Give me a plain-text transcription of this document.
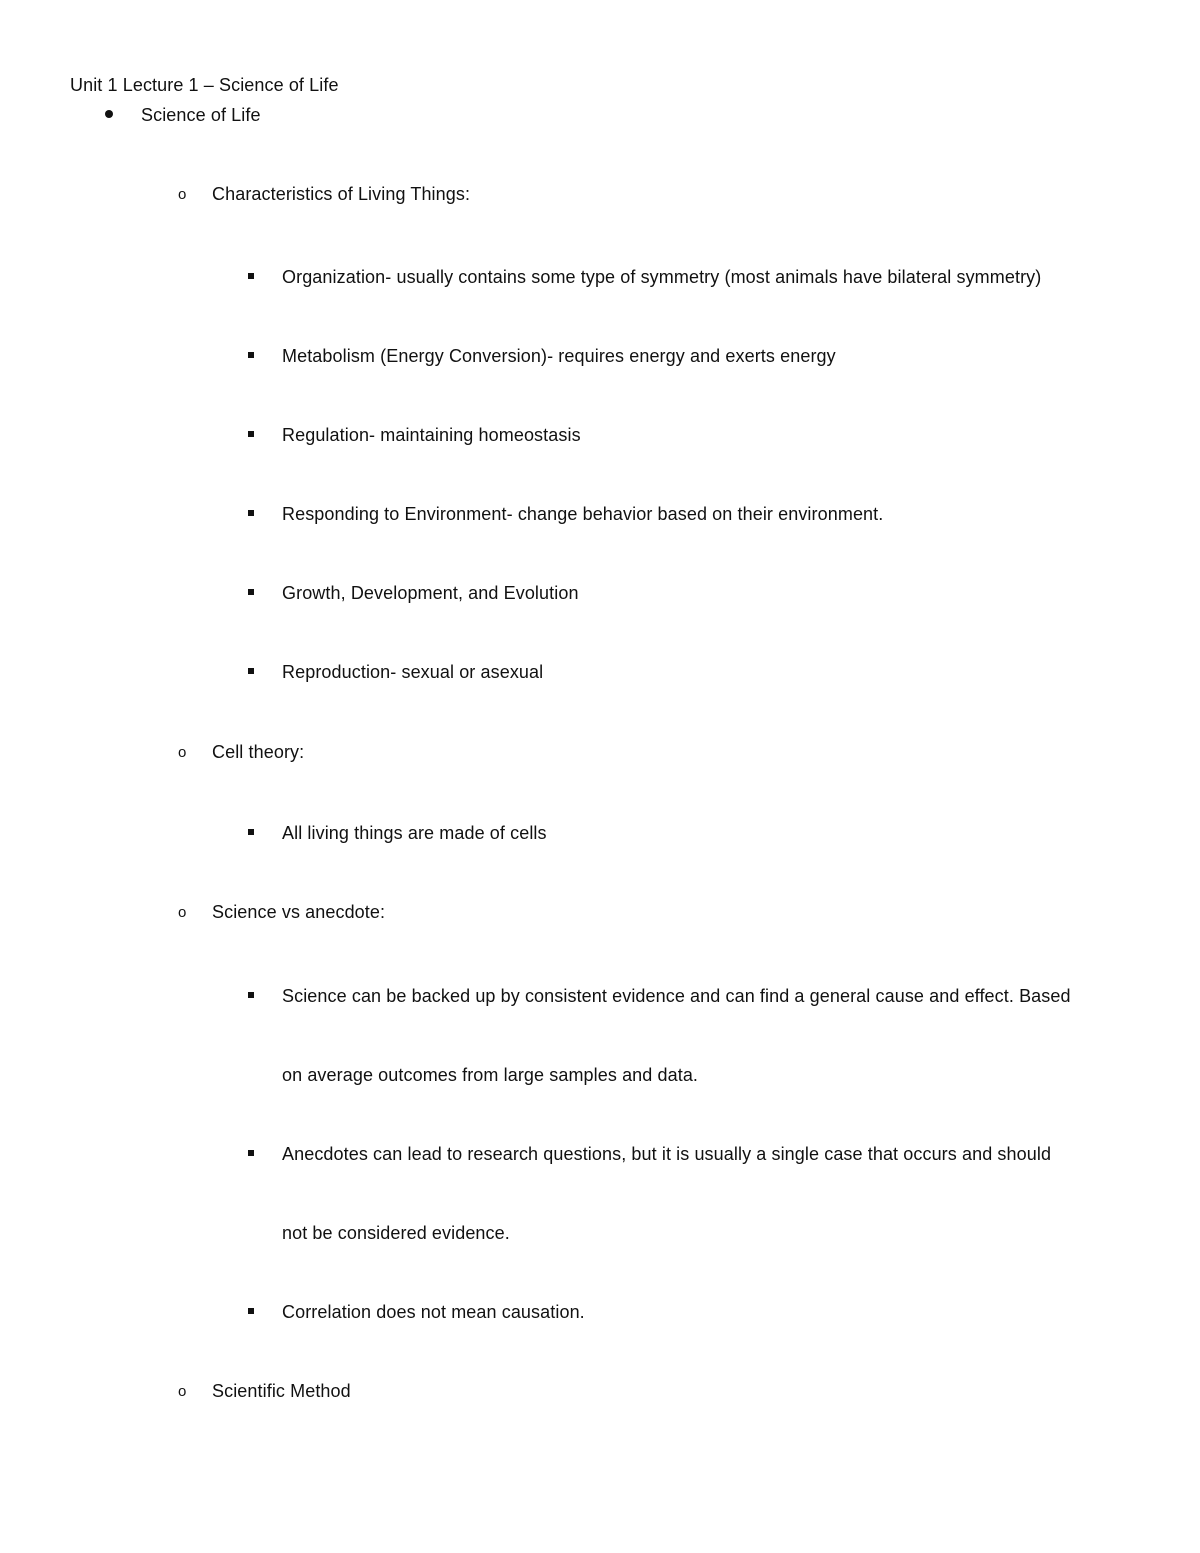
Unit 1 Lecture 1 – Science of Life
Science of Life
o Characteristics of Living Things:
Organization- usually contains some type of symmetry (most animals have bilateral symmetry)
Metabolism (Energy Conversion)- requires energy and exerts energy
Regulation- maintaining homeostasis
Responding to Environment- change behavior based on their environment.
Growth, Development, and Evolution
Reproduction- sexual or asexual
o Cell theory:
All living things are made of cells
o Science vs anecdote:
Science can be backed up by consistent evidence and can find a general cause and effect. Based
on average outcomes from large samples and data.
Anecdotes can lead to research questions, but it is usually a single case that occurs and should
not be considered evidence.
Correlation does not mean causation.
o Scientific Method
